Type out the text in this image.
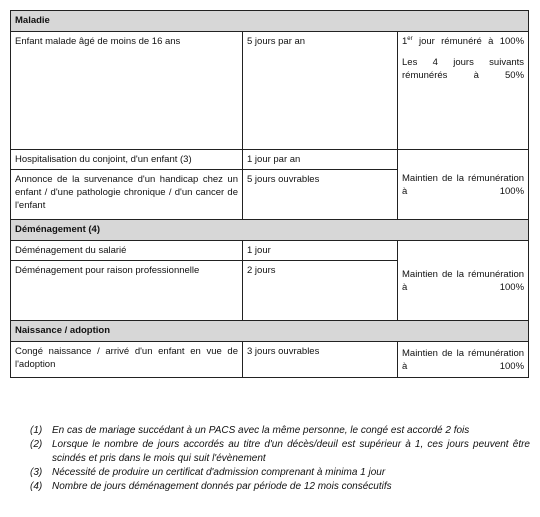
Maladie		
Enfant malade âgé de moins de 16 ans	5 jours par an	1er jour rémunéré à 100%
Les 4 jours suivants rémunérés à 50%

Hospitalisation du conjoint, d'un enfant (3)	1 jour par an	Maintien de la rémunération à 100%
Annonce de la survenance d'un handicap chez un enfant / d'une pathologie chronique / d'un cancer de l'enfant	5 jours ouvrables	
Déménagement (4)		
Déménagement du salarié	1 jour	Maintien de la rémunération à 100%
Déménagement pour raison professionnelle	2 jours	
Naissance / adoption		
Congé naissance / arrivé d'un enfant en vue de l'adoption	3 jours ouvrables	Maintien de la rémunération à 100%
(1) En cas de mariage succédant à un PACS avec la même personne, le congé est accordé 2 fois
(2) Lorsque le nombre de jours accordés au titre d'un décès/deuil est supérieur à 1, ces jours peuvent être scindés et pris dans le mois qui suit l'évènement
(3) Nécessité de produire un certificat d'admission comprenant à minima 1 jour
(4) Nombre de jours déménagement donnés par période de 12 mois consécutifs
